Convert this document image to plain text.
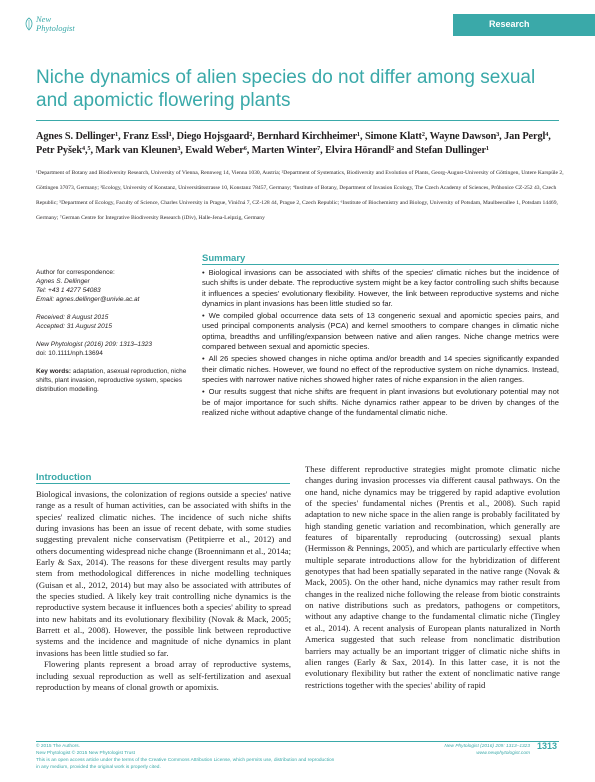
New
Phytologist	Research
Niche dynamics of alien species do not differ among sexual and apomictic flowering plants
Agnes S. Dellinger¹, Franz Essl¹, Diego Hojsgaard², Bernhard Kirchheimer¹, Simone Klatt², Wayne Dawson³, Jan Pergl⁴, Petr Pyšek⁴,⁵, Mark van Kleunen³, Ewald Weber⁶, Marten Winter⁷, Elvira Hörandl² and Stefan Dullinger¹
¹Department of Botany and Biodiversity Research, University of Vienna, Rennweg 14, Vienna 1030, Austria; ²Department of Systematics, Biodiversity and Evolution of Plants, Georg-August-University of Göttingen, Untere Karspüle 2, Göttingen 37073, Germany; ³Ecology, University of Konstanz, Universitätsstrasse 10, Konstanz 78457, Germany; ⁴Institute of Botany, Department of Invasion Ecology, The Czech Academy of Sciences, Průhonice CZ-252 43, Czech Republic; ⁵Department of Ecology, Faculty of Science, Charles University in Prague, Viničná 7, CZ-128 44, Prague 2, Czech Republic; ⁶Institute of Biochemistry and Biology, University of Potsdam, Maulbeerallee 1, Potsdam 14469, Germany; ⁷German Centre for Integrative Biodiversity Research (iDiv), Halle-Jena-Leipzig, Germany
Author for correspondence:
Agnes S. Dellinger
Tel: +43 1 4277 54083
Email: agnes.dellinger@univie.ac.at
Received: 8 August 2015
Accepted: 31 August 2015
New Phytologist (2016) 209: 1313–1323
doi: 10.1111/nph.13694
Key words: adaptation, asexual reproduction, niche shifts, plant invasion, reproductive system, species distribution modelling.
Summary

• Biological invasions can be associated with shifts of the species' climatic niches but the incidence of such shifts is under debate. The reproductive system might be a key factor controlling such shifts because it influences a species' evolutionary flexibility. However, the link between reproductive systems and niche dynamics in plant invasions has been little studied so far.

• We compiled global occurrence data sets of 13 congeneric sexual and apomictic species pairs, and used principal components analysis (PCA) and kernel smoothers to compare changes in climatic niche optima, breadths and unfilling/expansion between native and alien ranges. Niche change metrics were compared between sexual and apomictic species.

• All 26 species showed changes in niche optima and/or breadth and 14 species significantly expanded their climatic niches. However, we found no effect of the reproductive system on niche dynamics. Instead, species with narrower native niches showed higher rates of niche expansion in the alien ranges.

• Our results suggest that niche shifts are frequent in plant invasions but evolutionary potential may not be of major importance for such shifts. Niche dynamics rather appear to be driven by changes of the realized niche without adaptive change of the fundamental climatic niche.

Introduction

Biological invasions, the colonization of regions outside a species' native range as a result of human activities, can be associated with shifts in the species' realized climatic niches. The incidence of such niche shifts during invasions has been an issue of recent debate, with some studies suggesting prevalent niche conservatism (Petitpierre et al., 2012) and others documenting widespread niche change (Broennimann et al., 2014a; Early & Sax, 2014). The reasons for these divergent results may partly stem from methodological differences in niche modelling techniques (Guisan et al., 2012, 2014) but may also be associated with attributes of the species studied. A likely key trait controlling niche dynamics is the reproductive system because it influences both a species' ability to spread into new habitats and its evolutionary flexibility (Novak & Mack, 2005; Barrett et al., 2008). However, the possible link between reproductive systems and the incidence and magnitude of niche dynamics in plant invasions has been little studied so far.

Flowering plants represent a broad array of reproductive systems, including sexual reproduction as well as self-fertilization and asexual reproduction by means of clonal growth or apomixis.

These different reproductive strategies might promote climatic niche changes during invasion processes via different causal pathways. On the one hand, niche dynamics may be triggered by rapid adaptive evolution of the species' fundamental niches (Prentis et al., 2008). Such rapid adaptation to new niche space in the alien range is probably facilitated by high standing genetic variation and recombination, which generally are features of biparentally reproducing (outcrossing) sexual plants (Hermisson & Pennings, 2005), and which are particularly effective when multiple separate introductions allow for the hybridization of different genotypes that had been spatially separated in the native range (Novak & Mack, 2005). On the other hand, niche dynamics may rather result from changes in the realized niche following the release from biotic constraints on native distributions such as predators, pathogens or competitors, without any adaptive change to the fundamental climatic niche (Tingley et al., 2014). A recent analysis of European plants naturalized in North America suggested that such release from nonclimatic distribution barriers may actually be an important trigger of climatic niche shifts in alien ranges (Early & Sax, 2014). In this latter case, it is not the evolutionary flexibility but rather the extent of nonclimatic native range restrictions together with the species' ability of rapid

© 2015 The Authors.
New Phytologist © 2015 New Phytologist Trust
This is an open access article under the terms of the Creative Commons Attribution License, which permits use, distribution and reproduction in any medium, provided the original work is properly cited.
New Phytologist (2016) 209: 1313–1323
www.newphytologist.com
1313
